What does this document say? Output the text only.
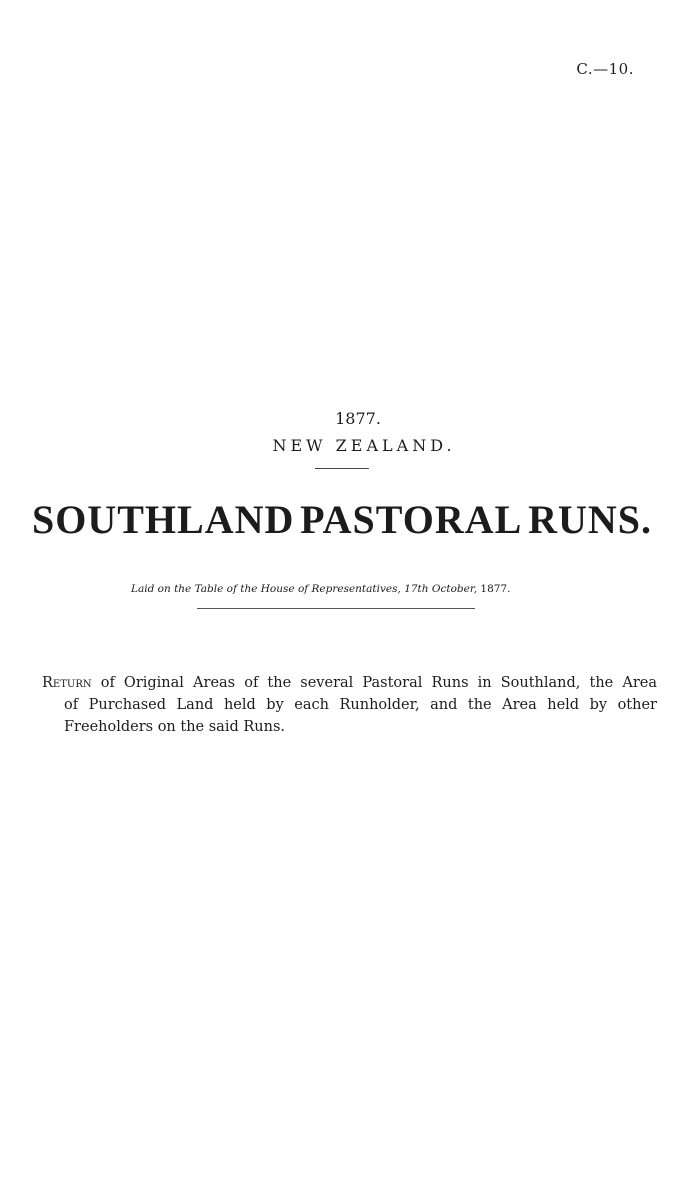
C.—10.
1877.
NEW ZEALAND.
SOUTHLAND PASTORAL RUNS.
Laid on the Table of the House of Representatives, 17th October, 1877.
Return of Original Areas of the several Pastoral Runs in Southland, the Area
of Purchased Land held by each Runholder, and the Area held by other
Freeholders on the said Runs.
